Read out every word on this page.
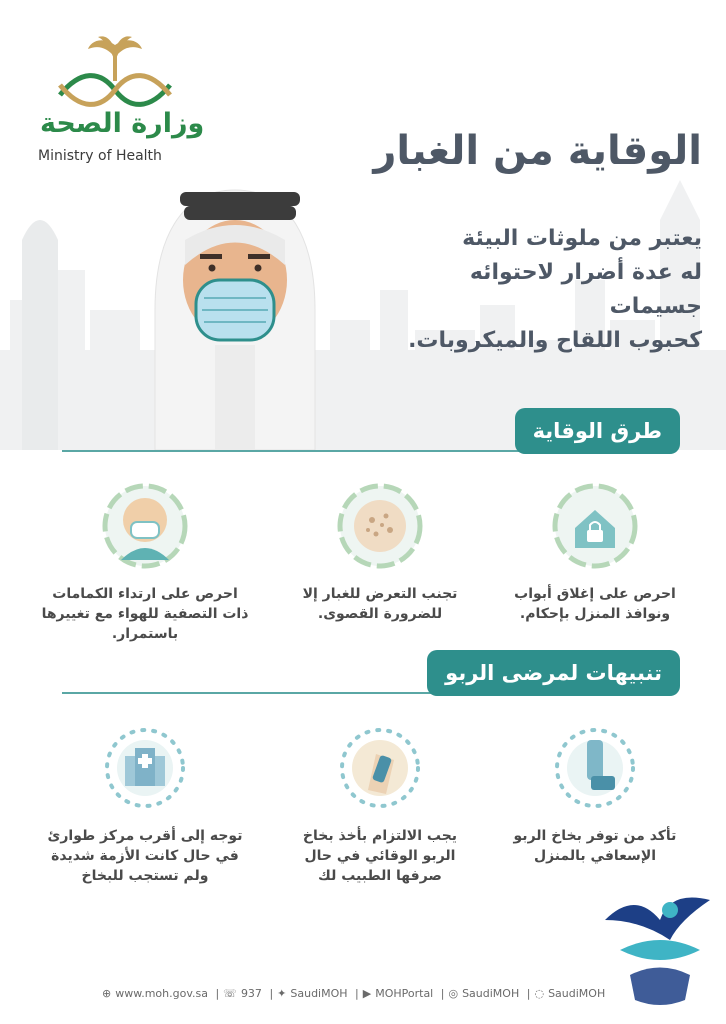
وزارة الصحة
Ministry of Health	الوقاية من الغبار
يعتبر من ملوثات البيئة
له عدة أضرار لاحتوائه جسيمات
كحبوب اللقاح والميكروبات.
طرق الوقاية
احرص على إغلاق أبواب ونوافذ المنزل بإحكام.
تجنب التعرض للغبار إلا للضرورة القصوى.
احرص على ارتداء الكمامات ذات التصفية للهواء مع تغييرها باستمرار.
تنبيهات لمرضى الربو
تأكد من توفر بخاخ الربو الإسعافي بالمنزل
يجب الالتزام بأخذ بخاخ الربو الوقائي في حال صرفها الطبيب لك
توجه إلى أقرب مركز طوارئ في حال كانت الأزمة شديدة ولم تستجب للبخاخ
⊕ www.moh.gov.sa | ☏ 937 | ✦ SaudiMOH | ▶ MOHPortal | ◎ SaudiMOH | ◌ SaudiMOH
